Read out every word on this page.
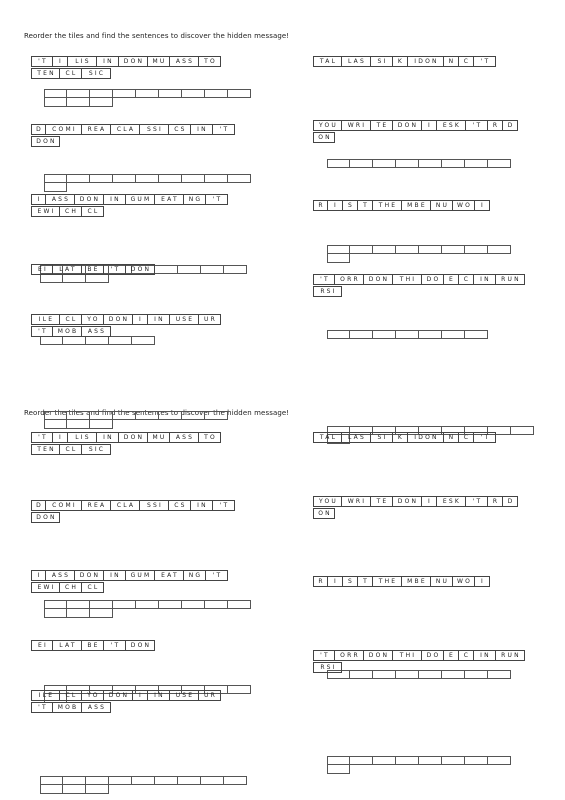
Reorder the tiles and find the sentences to discover the hidden message!
Reorder the tiles and find the sentences to discover the hidden message!
'T	I	LIS	IN	DON	MU	ASS	TO
TEN	CL	SIC
D	COMI	REA	CLA	SSI	CS	IN	'T
DON
I	ASS	DON	IN	GUM	EAT	NG	'T
EWI	CH	CL
EI	LAT	BE	'T	DON
ILE	CL	YO	DON	I	IN	USE	UR
'T	MOB	ASS
TAL	LAS	SI	K	IDON	N	C	'T
YOU	WRI	TE	DON	I	ESK	'T	R	D
ON
R	I	S	T	THE	MBE	NU	WO	I
'T	ORR	DON	THI	DO	E	C	IN	RUN
RSI
'T	I	LIS	IN	DON	MU	ASS	TO
TEN	CL	SIC
D	COMI	REA	CLA	SSI	CS	IN	'T
DON
I	ASS	DON	IN	GUM	EAT	NG	'T
EWI	CH	CL
EI	LAT	BE	'T	DON
ILE	CL	YO	DON	I	IN	USE	UR
'T	MOB	ASS
TAL	LAS	SI	K	IDON	N	C	'T
YOU	WRI	TE	DON	I	ESK	'T	R	D
ON
R	I	S	T	THE	MBE	NU	WO	I
'T	ORR	DON	THI	DO	E	C	IN	RUN
RSI
